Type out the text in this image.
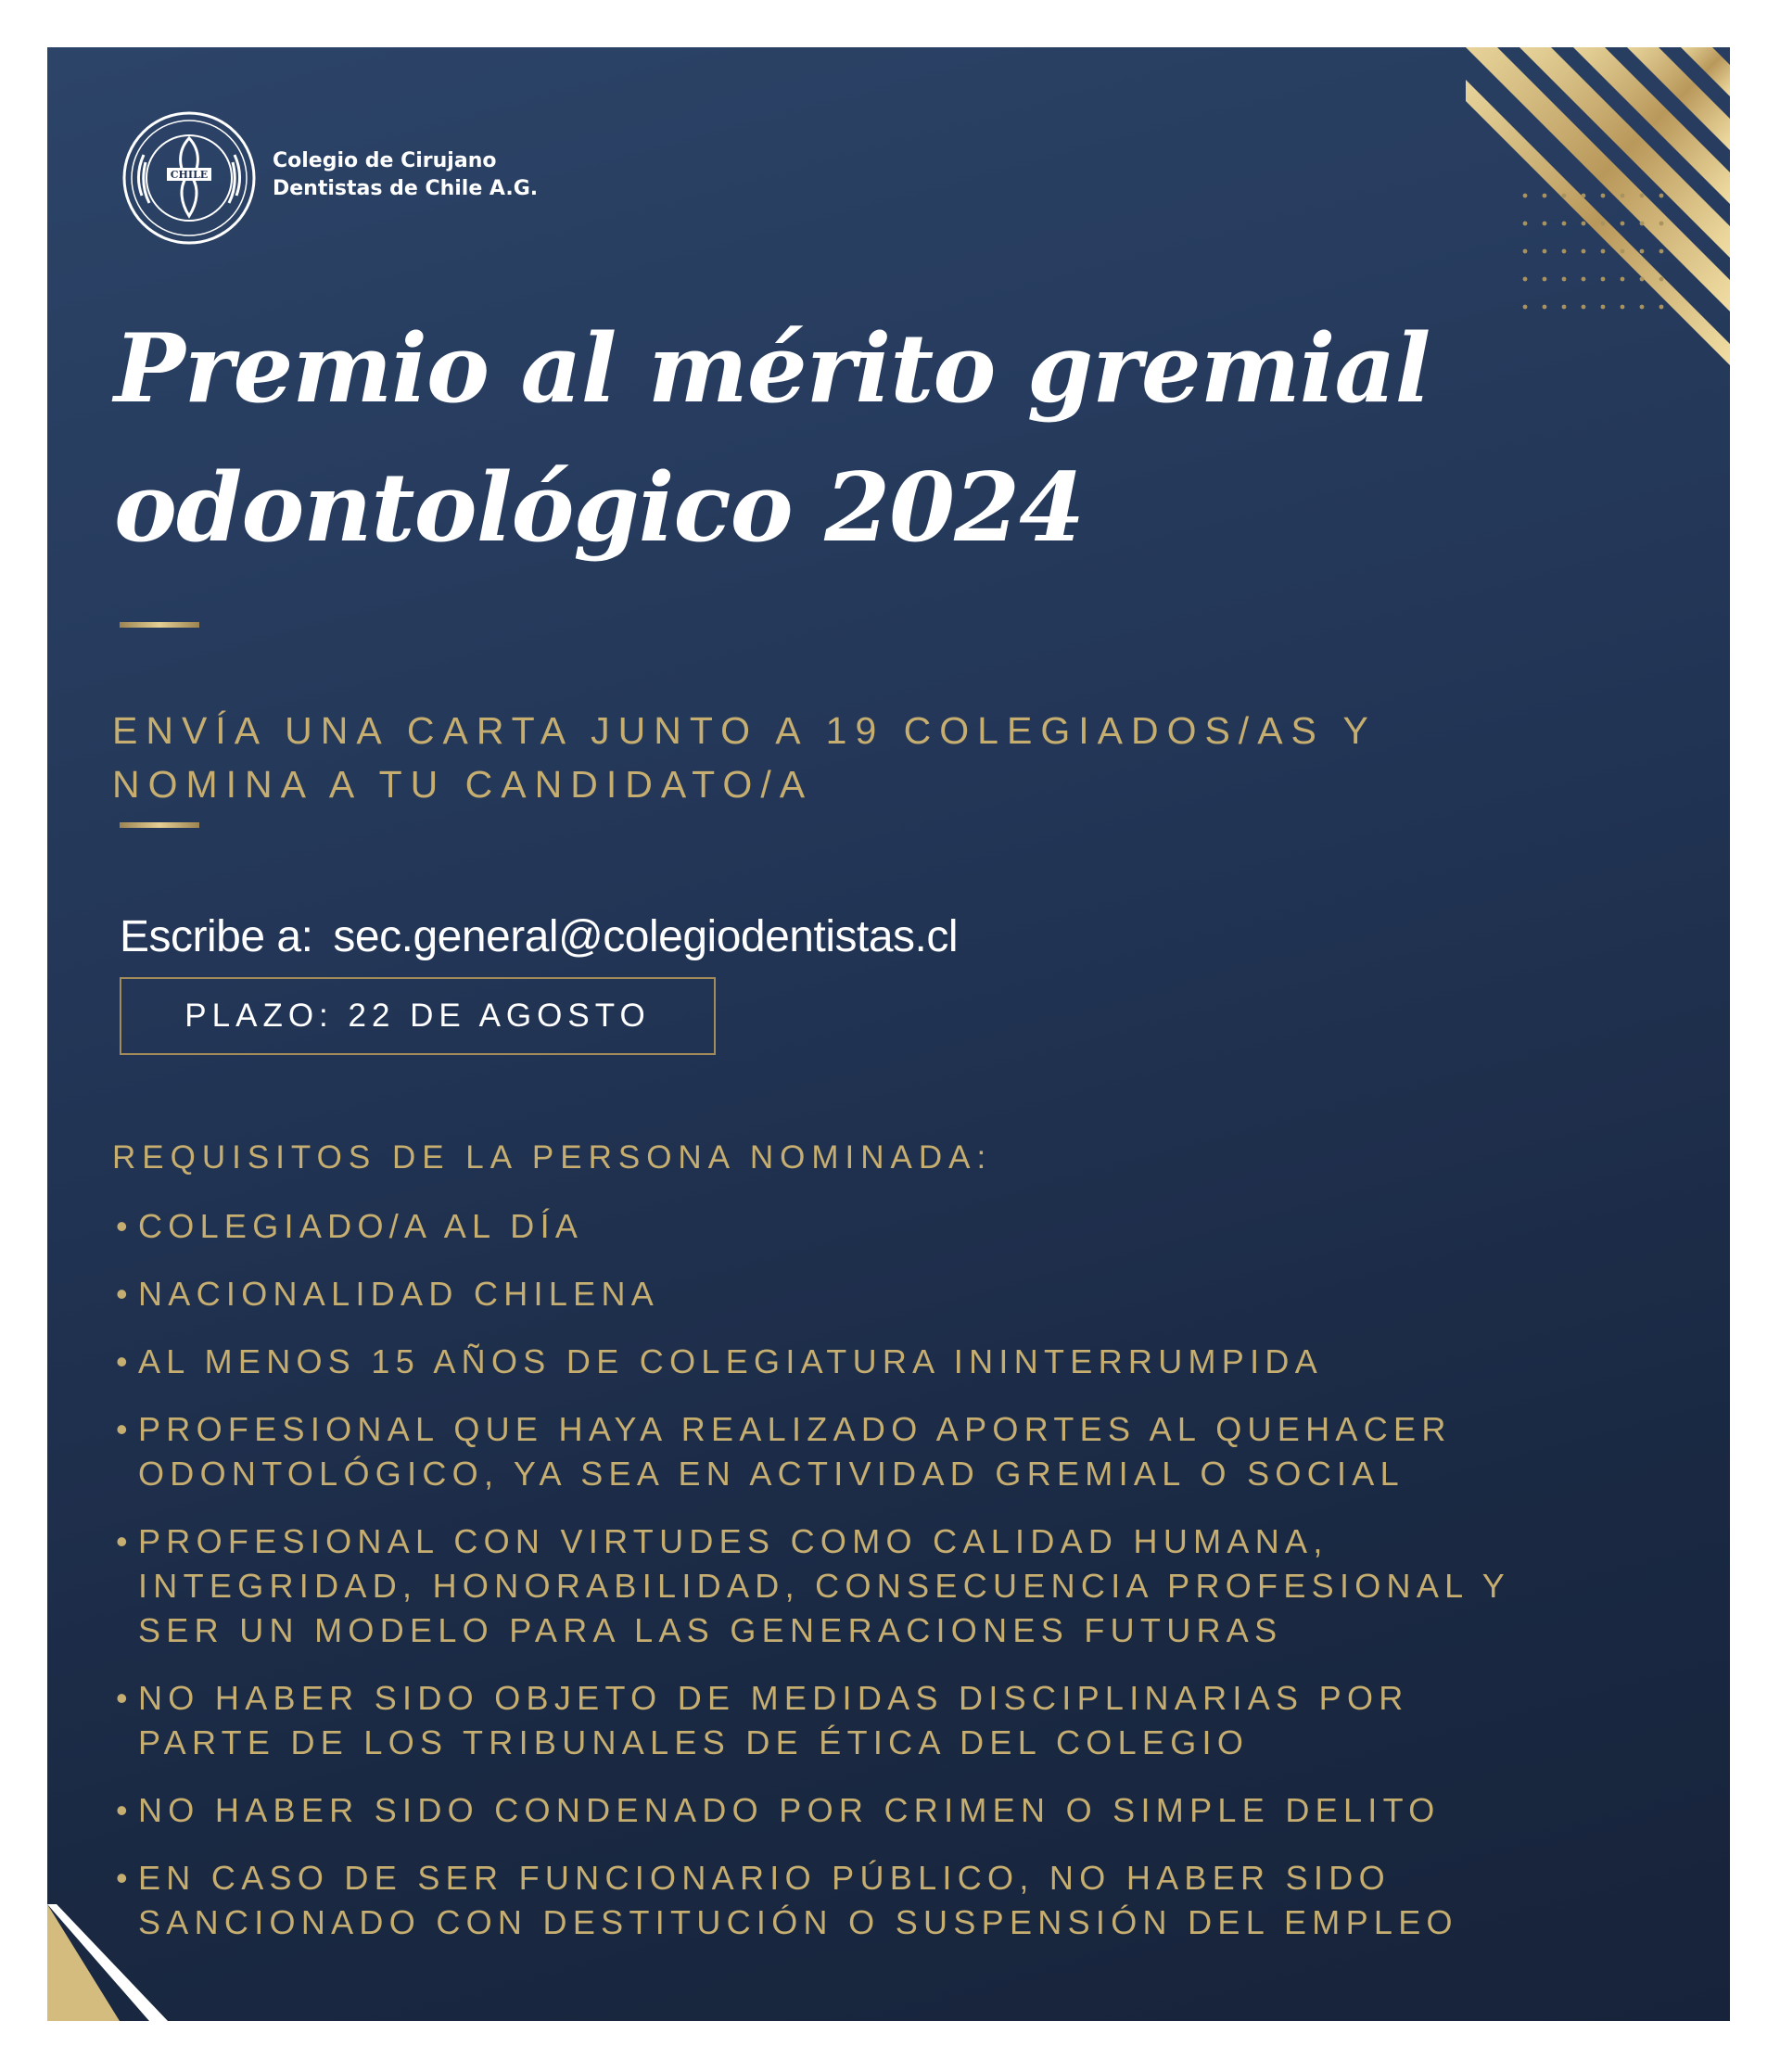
CHILE
Colegio de Cirujano
Dentistas de Chile A.G.
Premio al mérito gremial
odontológico 2024
ENVÍA UNA CARTA JUNTO A 19 COLEGIADOS/AS Y
NOMINA A TU CANDIDATO/A
Escribe a: sec.general@colegiodentistas.cl
PLAZO: 22 DE AGOSTO
REQUISITOS DE LA PERSONA NOMINADA:
• COLEGIADO/A AL DÍA
• NACIONALIDAD CHILENA
• AL MENOS 15 AÑOS DE COLEGIATURA ININTERRUMPIDA
• PROFESIONAL QUE HAYA REALIZADO APORTES AL QUEHACER
ODONTOLÓGICO, YA SEA EN ACTIVIDAD GREMIAL O SOCIAL
• PROFESIONAL CON VIRTUDES COMO CALIDAD HUMANA,
INTEGRIDAD, HONORABILIDAD, CONSECUENCIA PROFESIONAL Y
SER UN MODELO PARA LAS GENERACIONES FUTURAS
• NO HABER SIDO OBJETO DE MEDIDAS DISCIPLINARIAS POR
PARTE DE LOS TRIBUNALES DE ÉTICA DEL COLEGIO
• NO HABER SIDO CONDENADO POR CRIMEN O SIMPLE DELITO
• EN CASO DE SER FUNCIONARIO PÚBLICO, NO HABER SIDO
SANCIONADO CON DESTITUCIÓN O SUSPENSIÓN DEL EMPLEO
